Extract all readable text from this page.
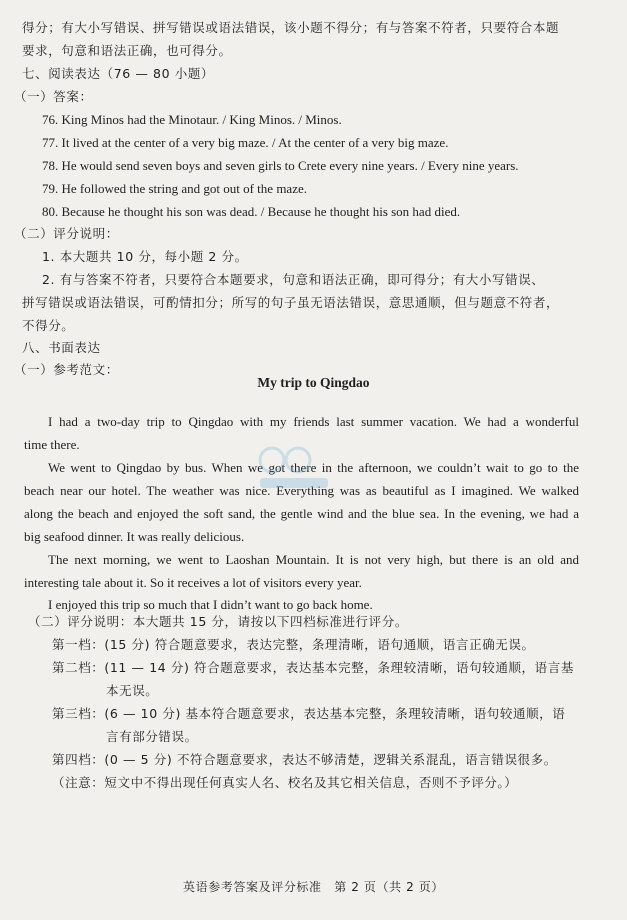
得分；有大小写错误、拼写错误或语法错误，该小题不得分；有与答案不符者，只要符合本题
要求，句意和语法正确，也可得分。
七、阅读表达（76 — 80 小题）
（一）答案：
76. King Minos had the Minotaur. / King Minos. / Minos.
77. It lived at the center of a very big maze. / At the center of a very big maze.
78. He would send seven boys and seven girls to Crete every nine years. / Every nine years.
79. He followed the string and got out of the maze.
80. Because he thought his son was dead. / Because he thought his son had died.
（二）评分说明：
1. 本大题共 10 分，每小题 2 分。
2. 有与答案不符者，只要符合本题要求，句意和语法正确，即可得分；有大小写错误、
拼写错误或语法错误，可酌情扣分；所写的句子虽无语法错误，意思通顺，但与题意不符者，
不得分。
八、书面表达
（一）参考范文：
My trip to Qingdao
I had a two-day trip to Qingdao with my friends last summer vacation. We had a wonderful
time there.
We went to Qingdao by bus. When we got there in the afternoon, we couldn’t wait to go to the
beach near our hotel. The weather was nice. Everything was as beautiful as I imagined. We walked
along the beach and enjoyed the soft sand, the gentle wind and the blue sea. In the evening, we had a
big seafood dinner. It was really delicious.
The next morning, we went to Laoshan Mountain. It is not very high, but there is an old and
interesting tale about it. So it receives a lot of visitors every year.
I enjoyed this trip so much that I didn’t want to go back home.
（二）评分说明：本大题共 15 分，请按以下四档标准进行评分。
第一档：(15 分) 符合题意要求，表达完整，条理清晰，语句通顺，语言正确无误。
第二档：(11 — 14 分) 符合题意要求，表达基本完整，条理较清晰，语句较通顺，语言基
本无误。
第三档：(6 — 10 分) 基本符合题意要求，表达基本完整，条理较清晰，语句较通顺，语
言有部分错误。
第四档：(0 — 5 分) 不符合题意要求，表达不够清楚，逻辑关系混乱，语言错误很多。
（注意：短文中不得出现任何真实人名、校名及其它相关信息，否则不予评分。）
英语参考答案及评分标准　第 2 页（共 2 页）
